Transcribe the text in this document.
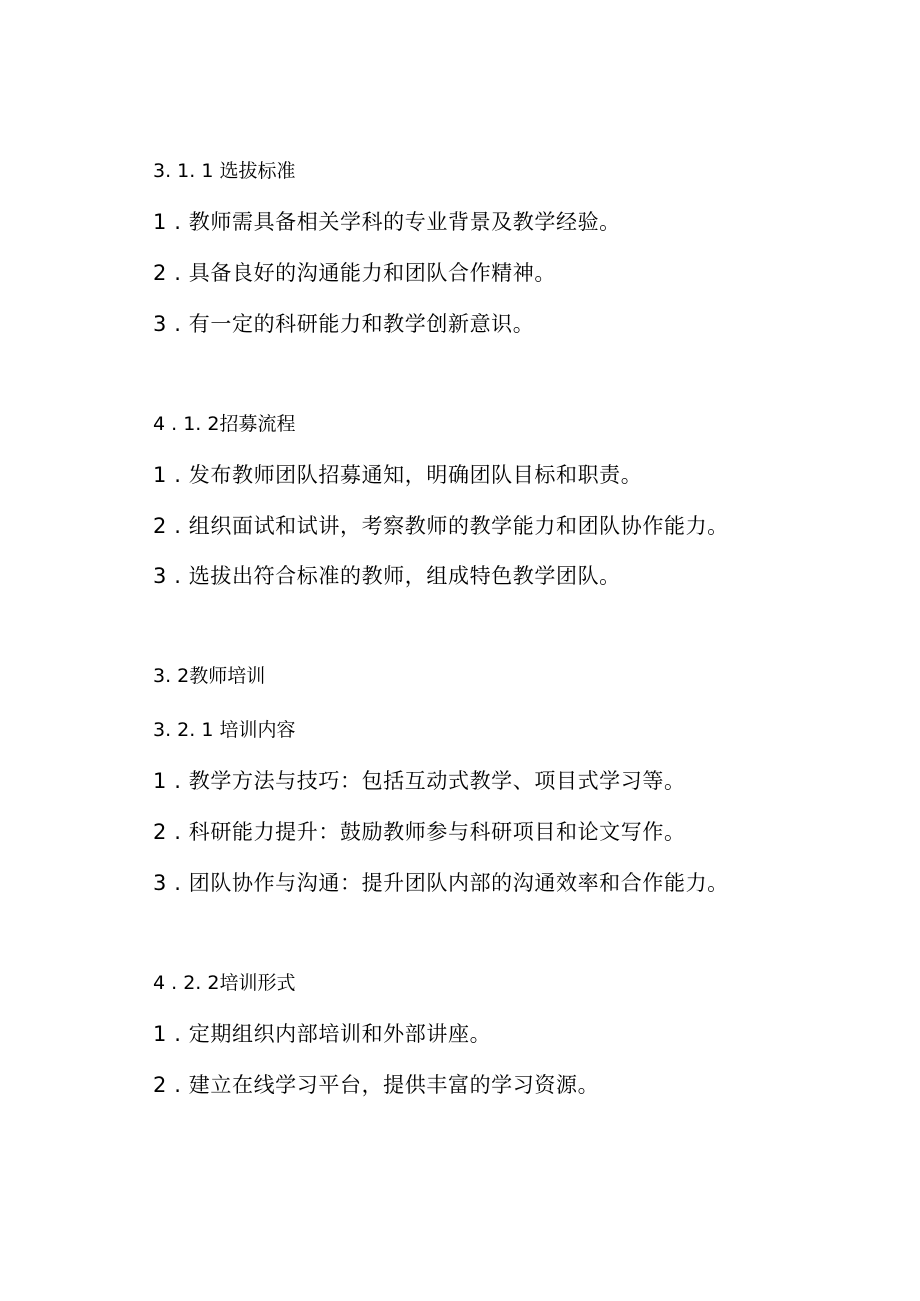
3. 1. 1 选拔标准
1 . 教师需具备相关学科的专业背景及教学经验。
2 . 具备良好的沟通能力和团队合作精神。
3 . 有一定的科研能力和教学创新意识。
4 . 1. 2招募流程
1 . 发布教师团队招募通知，明确团队目标和职责。
2 . 组织面试和试讲，考察教师的教学能力和团队协作能力。
3 . 选拔出符合标准的教师，组成特色教学团队。
3. 2教师培训
3. 2. 1 培训内容
1 . 教学方法与技巧：包括互动式教学、项目式学习等。
2 . 科研能力提升：鼓励教师参与科研项目和论文写作。
3 . 团队协作与沟通：提升团队内部的沟通效率和合作能力。
4 . 2. 2培训形式
1 . 定期组织内部培训和外部讲座。
2 . 建立在线学习平台，提供丰富的学习资源。
